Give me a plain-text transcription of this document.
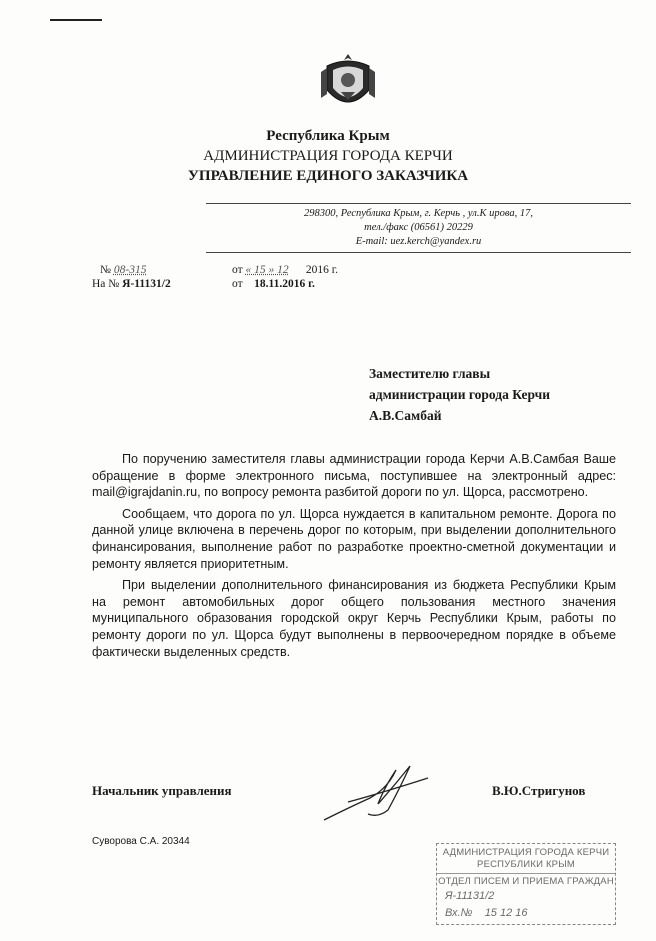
Республика Крым
АДМИНИСТРАЦИЯ ГОРОДА КЕРЧИ
УПРАВЛЕНИЕ ЕДИНОГО ЗАКАЗЧИКА
298300, Республика Крым, г. Керчь , ул.К ирова, 17,
тел./факс (06561) 20229
E-mail: uez.kerch@yandex.ru
№ 08-315	от « 15 » 12 2016 г.
На № Я-11131/2	от 18.11.2016 г.
Заместителю главы
администрации города Керчи
А.В.Самбай

По поручению заместителя главы администрации города Керчи А.В.Самбая Ваше обращение в форме электронного письма, поступившее на электронный адрес: mail@igrajdanin.ru, по вопросу ремонта разбитой дороги по ул. Щорса, рассмотрено.

Сообщаем, что дорога по ул. Щорса нуждается в капитальном ремонте. Дорога по данной улице включена в перечень дорог по которым, при выделении дополнительного финансирования, выполнение работ по разработке проектно-сметной документации и ремонту является приоритетным.

При выделении дополнительного финансирования из бюджета Республики Крым на ремонт автомобильных дорог общего пользования местного значения муниципального образования городской округ Керчь Республики Крым, работы по ремонту дороги по ул. Щорса будут выполнены в первоочередном порядке в объеме фактически выделенных средств.

Начальник управления	В.Ю.Стригунов
Суворова С.А. 20344
АДМИНИСТРАЦИЯ ГОРОДА КЕРЧИ
РЕСПУБЛИКИ КРЫМ
ОТДЕЛ ПИСЕМ И ПРИЕМА ГРАЖДАН
Я-11131/2
Вх.№ 15 12 16
